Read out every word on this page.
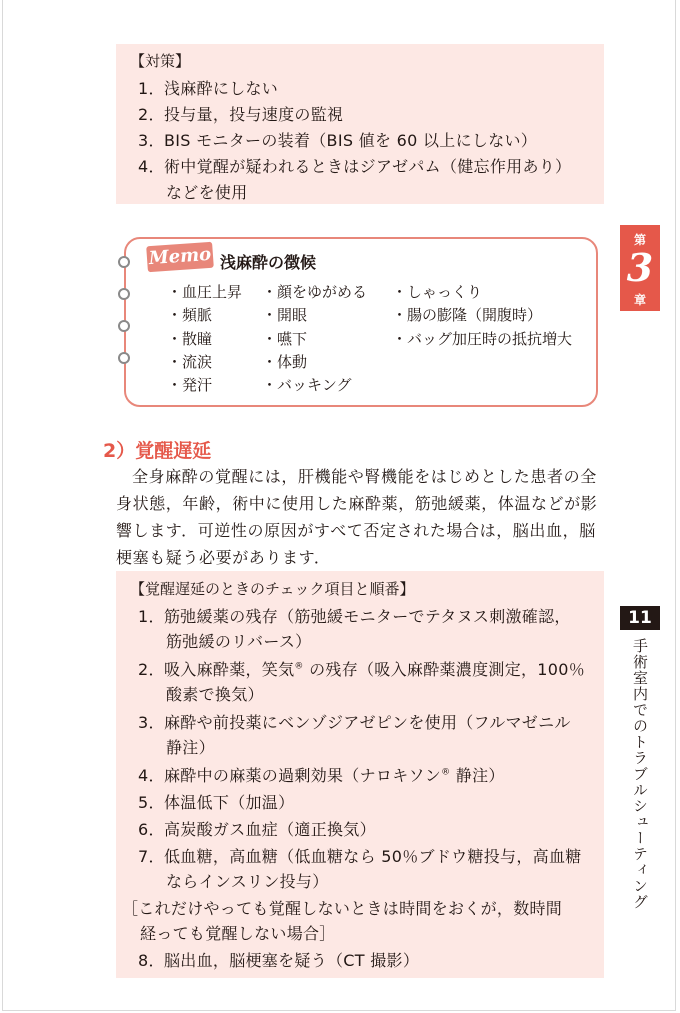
【対策】
1．浅麻酔にしない
2．投与量，投与速度の監視
3．BIS モニターの装着（BIS 値を 60 以上にしない）
4．術中覚醒が疑われるときはジアゼパム（健忘作用あり）
などを使用
Memo 浅麻酔の徴候
・血圧上昇
・頻脈
・散瞳
・流涙
・発汗
・顔をゆがめる
・開眼
・嚥下
・体動
・バッキング
・しゃっくり
・腸の膨隆（開腹時）
・バッグ加圧時の抵抗増大
第
3
章
2）覚醒遅延
全身麻酔の覚醒には，肝機能や腎機能をはじめとした患者の全
身状態，年齢，術中に使用した麻酔薬，筋弛緩薬，体温などが影
響します．可逆性の原因がすべて否定された場合は，脳出血，脳
梗塞も疑う必要があります．
11
手術室内でのトラブルシューティング
【覚醒遅延のときのチェック項目と順番】
1．筋弛緩薬の残存（筋弛緩モニターでテタヌス刺激確認，
筋弛緩のリバース）
2．吸入麻酔薬，笑気® の残存（吸入麻酔薬濃度測定，100％
酸素で換気）
3．麻酔や前投薬にベンゾジアゼピンを使用（フルマゼニル
静注）
4．麻酔中の麻薬の過剰効果（ナロキソン® 静注）
5．体温低下（加温）
6．高炭酸ガス血症（適正換気）
7．低血糖，高血糖（低血糖なら 50％ブドウ糖投与，高血糖
ならインスリン投与）
［これだけやっても覚醒しないときは時間をおくが，数時間
経っても覚醒しない場合］
8．脳出血，脳梗塞を疑う（CT 撮影）
